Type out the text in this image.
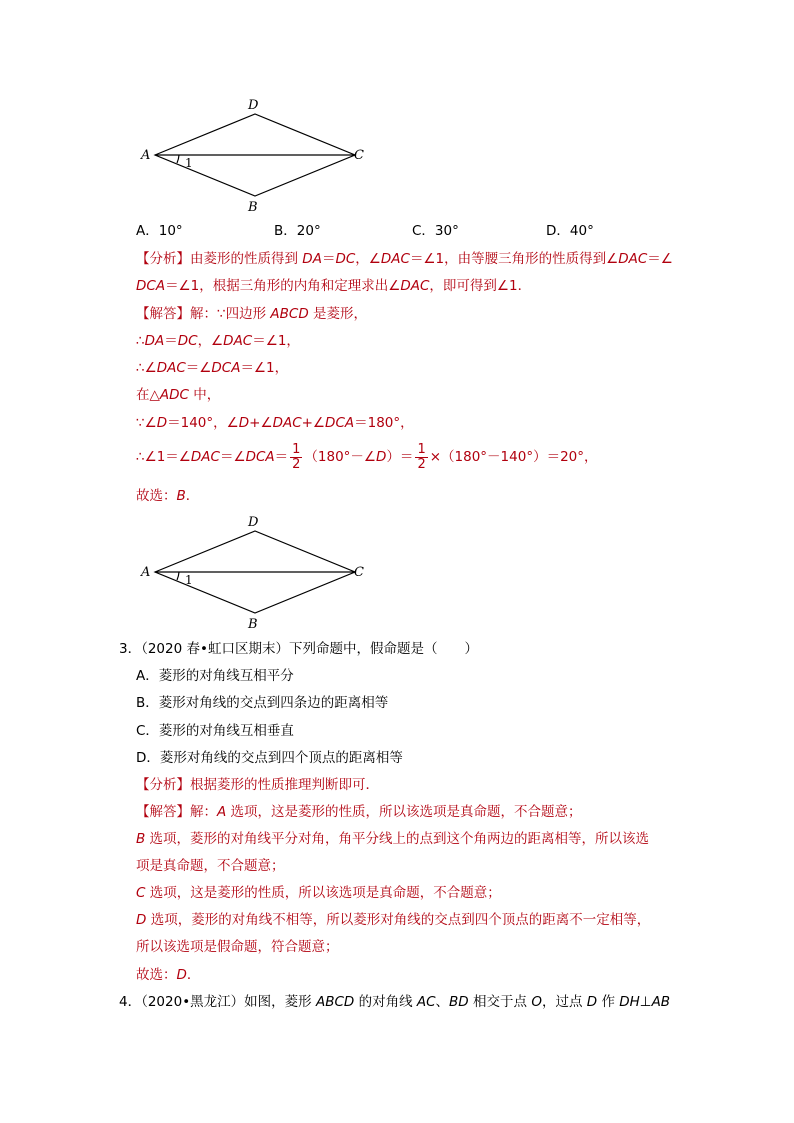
D
A	C
B
1
A．10°	B．20°	C．30°	D．40°
【分析】由菱形的性质得到 DA＝DC，∠DAC＝∠1，由等腰三角形的性质得到∠DAC＝∠
DCA＝∠1，根据三角形的内角和定理求出∠DAC，即可得到∠1．
【解答】解：∵四边形 ABCD 是菱形，
∴DA＝DC，∠DAC＝∠1，
∴∠DAC＝∠DCA＝∠1，
在△ADC 中，
∵∠D＝140°，∠D+∠DAC+∠DCA＝180°，
∴∠1＝∠DAC＝∠DCA＝ $\frac{1}{2}$ （180°－∠D）＝ $\frac{1}{2} \times(180^\circ-140^\circ)=20^\circ$，
故选：B．
D
A	C
B
1
3．（2020 春•虹口区期末）下列命题中，假命题是（　　）
A．菱形的对角线互相平分
B．菱形对角线的交点到四条边的距离相等
C．菱形的对角线互相垂直
D．菱形对角线的交点到四个顶点的距离相等
【分析】根据菱形的性质推理判断即可．
【解答】解：A 选项，这是菱形的性质，所以该选项是真命题，不合题意；
B 选项，菱形的对角线平分对角，角平分线上的点到这个角两边的距离相等，所以该选
项是真命题，不合题意；
C 选项，这是菱形的性质，所以该选项是真命题，不合题意；
D 选项，菱形的对角线不相等，所以菱形对角线的交点到四个顶点的距离不一定相等，
所以该选项是假命题，符合题意；
故选：D．
4．（2020•黑龙江）如图，菱形 ABCD 的对角线 AC、BD 相交于点 O，过点 D 作 DH⊥AB
